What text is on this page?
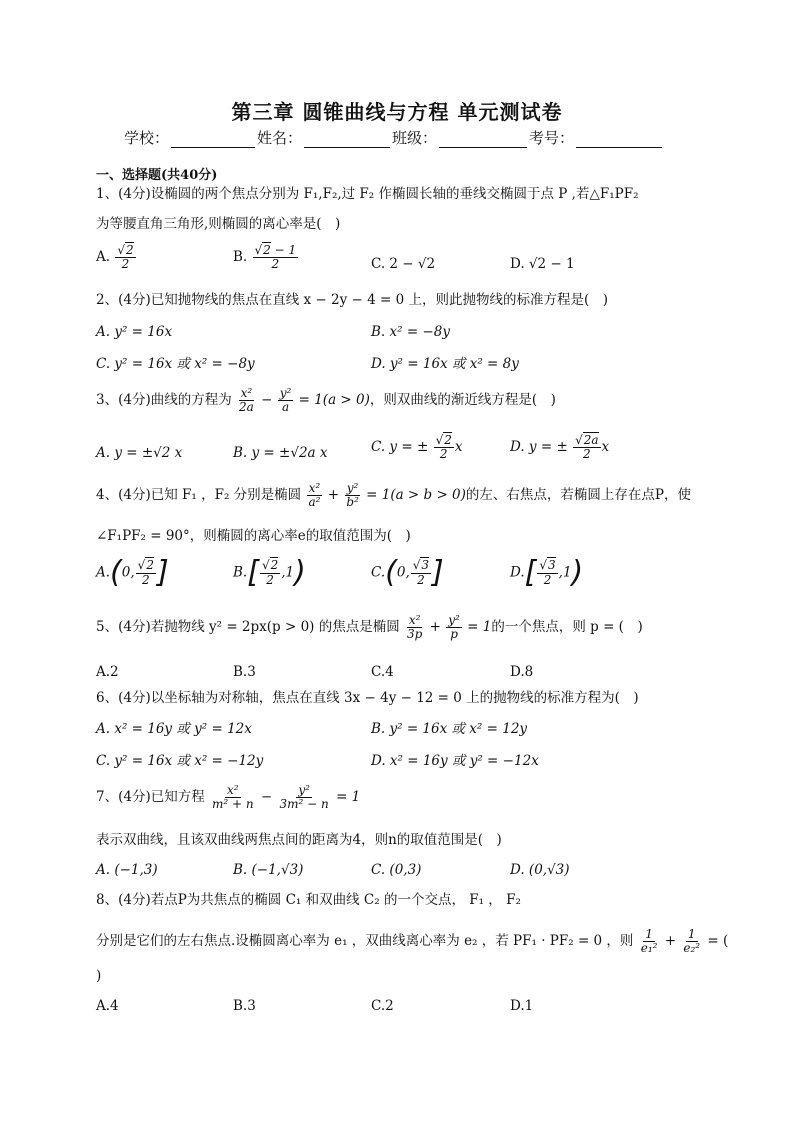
第三章 圆锥曲线与方程 单元测试卷
学校：	姓名：	班级：	考号：
一、选择题(共40分)
1、(4分)设椭圆的两个焦点分别为 F₁,F₂,过 F₂ 作椭圆长轴的垂线交椭圆于点 P ,若△F₁PF₂
为等腰直角三角形,则椭圆的离心率是(　)
A. $\frac{√2}{2}$	B. $\frac{√2 - 1}{2}$	C. 2 − √2	D. √2 − 1
2、(4分)已知抛物线的焦点在直线 x − 2y − 4 = 0 上，则此抛物线的标准方程是(　)
A. y² = 16x	B. x² = −8y
C. y² = 16x 或 x² = −8y	D. y² = 16x 或 x² = 8y
3、(4分)曲线的方程为 $\frac{\text{x²}}{2a} - \frac{\text{y²}}{a} = 1(a > 0)$，则双曲线的渐近线方程是(　)
A. y = ±√2 x	B. y = ±√2a x	C. y = ± $\frac{√2}{2}$ x	D. y = ± $\frac{√2a}{2}$ x
4、(4分)已知 F₁ ，F₂ 分别是椭圆 $\frac{\text{x²}}{\text{a²}} + \frac{\text{y²}}{\text{b²}} = 1(a > b > 0)$的左、右焦点，若椭圆上存在点P，使
∠F₁PF₂ = 90°，则椭圆的离心率e的取值范围为(　)
A.(0, $\frac{√2}{2}$ ]	$B.[ \frac{√2}{2} ,1)$	C.(0, $\frac{√3}{2}$ ]	$D.[ \frac{√3}{2} ,1)$
5、(4分)若抛物线 y² = 2px(p > 0) 的焦点是椭圆 $\frac{\text{x²}}{3p} + \frac{\text{y²}}{p} = 1$的一个焦点，则 p = (　)
A.2	B.3	C.4	D.8
6、(4分)以坐标轴为对称轴，焦点在直线 3x − 4y − 12 = 0 上的抛物线的标准方程为(　)
A. x² = 16y 或 y² = 12x	B. y² = 16x 或 x² = 12y
C. y² = 16x 或 x² = −12y	D. x² = 16y 或 y² = −12x
7、(4分)已知方程 $\frac{\text{x²}}{\text{m² + n}} - \frac{\text{y²}}{\text{3m² − n}} = 1$
表示双曲线，且该双曲线两焦点间的距离为4，则n的取值范围是(　)
A. (−1,3)	B. (−1,√3)	C. (0,3)	D. (0,√3)
8、(4分)若点P为共焦点的椭圆 C₁ 和双曲线 C₂ 的一个交点， F₁ ， F₂
分别是它们的左右焦点.设椭圆离心率为 e₁ ，双曲线离心率为 e₂ ，若 PF₁ · PF₂ = 0 ，则 $\frac{1}{\text{e₁²}} + \frac{1}{\text{e₂²}}$ = (
)
A.4	B.3	C.2	D.1
